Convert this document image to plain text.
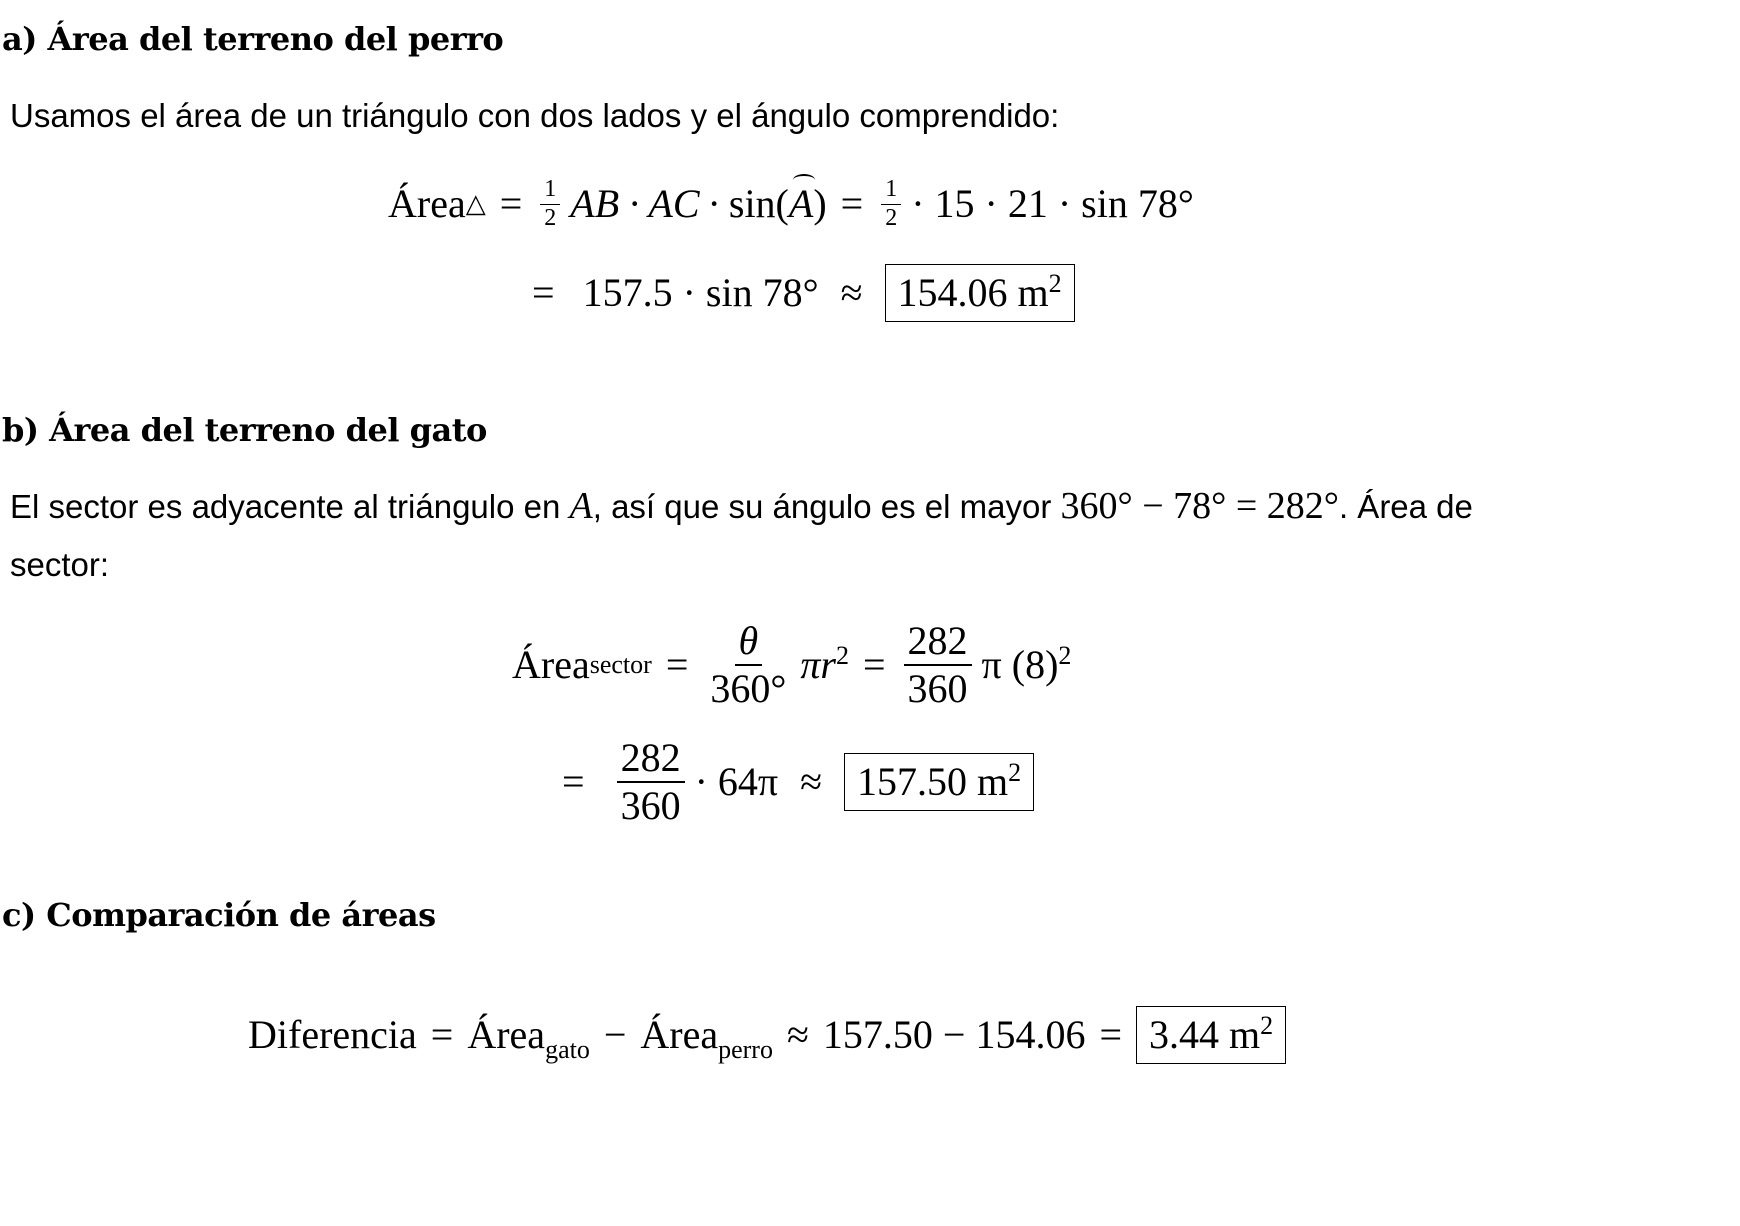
a) Área del terreno del perro

Usamos el área de un triángulo con dos lados y el ángulo comprendido:

Área △ = $\frac{1}{2}$ AB · AC · sin( A ) = $\frac{1}{2} \cdot 15 \cdot 21 \cdot \sin 78^\circ$
= 157.5 · sin 78° ≈ 154.06 $m^2$
b) Área del terreno del gato

El sector es adyacente al triángulo en A, así que su ángulo es el mayor 360° − 78° = 282°. Área de

sector:

Área sector = $\frac{\theta}{360^\circ} \pi r^2 = \frac{282}{360}$ π $(8)^2$
= $\frac{282}{360} \cdot 64\pi \approx 157.50$ $m^2$
c) Comparación de áreas
Diferencia = Área$_{gato}$ − Área$_{perro}$ ≈ 157.50 − 154.06 = 3.44 $m^2$
